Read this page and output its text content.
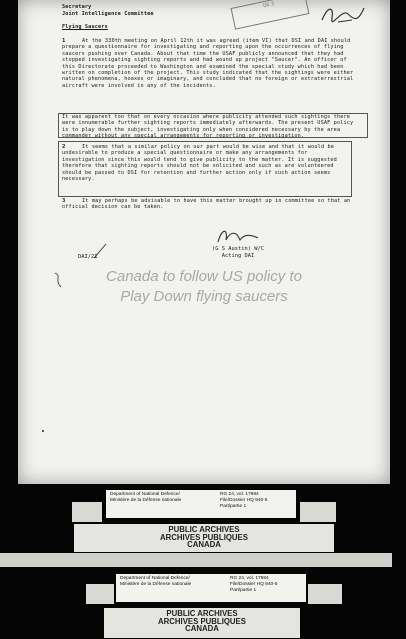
06 3
Secretary
Joint Intelligence Committee
Flying Saucers
1	At the 330th meeting on April 12th it was agreed (item VI) that DSI and DAI should prepare a questionnaire for investigating and reporting upon the occurrences of flying saucers pushing over Canada. About that time the USAF publicly announced that they had stopped investigating sighting reports and had wound up project "Saucer". An officer of this Directorate proceeded to Washington and examined the special study which had been written on completion of the project. This study indicated that the sightings were either natural phenomena, hoaxes or imaginary, and concluded that no foreign or extraterrestrial aircraft were involved in any of the incidents.
It was apparent too that on every occasion where publicity attended such sightings there were innumerable further sighting reports immediately afterwards. The present USAF policy is to play down the subject, investigating only when considered necessary by the area commander without any special arrangements for reporting or investigation.
2	It seems that a similar policy on our part would be wise and that it would be undesirable to produce a special questionnaire or make any arrangements for investigation since this would tend to give publicity to the matter. It is suggested therefore that sighting reports should not be solicited and such as are volunteered should be passed to DSI for retention and further action only if such action seems necessary.
3	It may perhaps be advisable to have this matter brought up in committee so that an official decision can be taken.
(G S Austin) W/C
Acting DAI
DAI/21
Canada to follow US policy to
Play Down flying saucers
Department of National Defence/
Ministère de la Défense nationale
RG 24, vol. 17984
File/Dossier HQ 940-5
Part/partie 1
PUBLIC ARCHIVES
ARCHIVES PUBLIQUES
CANADA
Department of National Defence/
Ministère de la Défense nationale
RG 24, vol. 17984
File/Dossier HQ 940-5
Part/partie 1
PUBLIC ARCHIVES
ARCHIVES PUBLIQUES
CANADA
